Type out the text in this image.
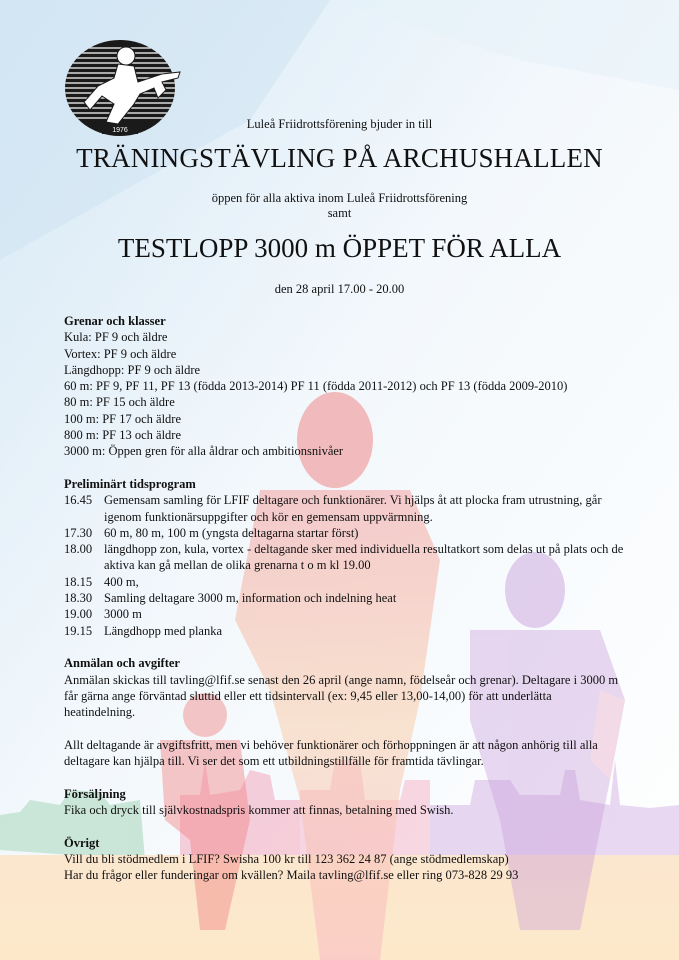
1976	Luleå Friidrottsförening bjuder in till
TRÄNINGSTÄVLING PÅ ARCHUSHALLEN
öppen för alla aktiva inom Luleå Friidrottsförening
samt
TESTLOPP 3000 m ÖPPET FÖR ALLA
den 28 april 17.00 - 20.00
Grenar och klasser
Kula: PF 9 och äldre
Vortex: PF 9 och äldre
Längdhopp: PF 9 och äldre
60 m: PF 9, PF 11, PF 13 (födda 2013-2014) PF 11 (födda 2011-2012) och PF 13 (födda 2009-2010)
80 m: PF 15 och äldre
100 m: PF 17 och äldre
800 m: PF 13 och äldre
3000 m: Öppen gren för alla åldrar och ambitionsnivåer
Preliminärt tidsprogram
16.45 Gemensam samling för LFIF deltagare och funktionärer. Vi hjälps åt att plocka fram utrustning, går igenom funktionärsuppgifter och kör en gemensam uppvärmning.
17.30 60 m, 80 m, 100 m (yngsta deltagarna startar först)
18.00 längdhopp zon, kula, vortex - deltagande sker med individuella resultatkort som delas ut på plats och de aktiva kan gå mellan de olika grenarna t o m kl 19.00
18.15 400 m,
18.30 Samling deltagare 3000 m, information och indelning heat
19.00 3000 m
19.15 Längdhopp med planka
Anmälan och avgifter

Anmälan skickas till tavling@lfif.se senast den 26 april (ange namn, födelseår och grenar). Deltagare i 3000 m får gärna ange förväntad sluttid eller ett tidsintervall (ex: 9,45 eller 13,00-14,00) för att underlätta heatindelning.

Allt deltagande är avgiftsfritt, men vi behöver funktionärer och förhoppningen är att någon anhörig till alla deltagare kan hjälpa till. Vi ser det som ett utbildningstillfälle för framtida tävlingar.

Försäljning

Fika och dryck till självkostnadspris kommer att finnas, betalning med Swish.

Övrigt
Vill du bli stödmedlem i LFIF? Swisha 100 kr till 123 362 24 87 (ange stödmedlemskap)
Har du frågor eller funderingar om kvällen? Maila tavling@lfif.se eller ring 073-828 29 93
